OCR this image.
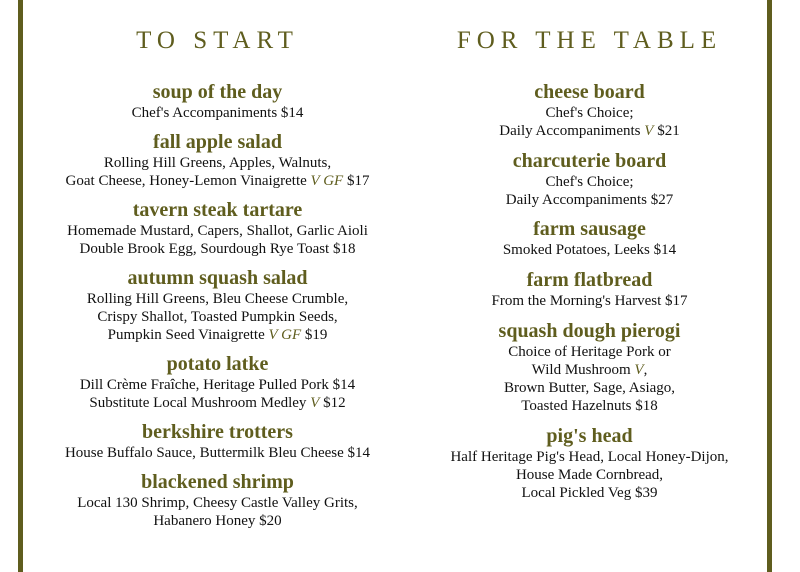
TO START
soup of the day
Chef's Accompaniments $14
fall apple salad
Rolling Hill Greens, Apples, Walnuts,
Goat Cheese, Honey-Lemon Vinaigrette V GF $17
tavern steak tartare
Homemade Mustard, Capers, Shallot, Garlic Aioli
Double Brook Egg, Sourdough Rye Toast $18
autumn squash salad
Rolling Hill Greens, Bleu Cheese Crumble,
Crispy Shallot, Toasted Pumpkin Seeds,
Pumpkin Seed Vinaigrette V GF $19
potato latke
Dill Crème Fraîche, Heritage Pulled Pork $14
Substitute Local Mushroom Medley V $12
berkshire trotters
House Buffalo Sauce, Buttermilk Bleu Cheese $14
blackened shrimp
Local 130 Shrimp, Cheesy Castle Valley Grits,
Habanero Honey $20
FOR THE TABLE
cheese board
Chef's Choice;
Daily Accompaniments V $21
charcuterie board
Chef's Choice;
Daily Accompaniments $27
farm sausage
Smoked Potatoes, Leeks $14
farm flatbread
From the Morning's Harvest $17
squash dough pierogi
Choice of Heritage Pork or
Wild Mushroom V,
Brown Butter, Sage, Asiago,
Toasted Hazelnuts $18
pig's head
Half Heritage Pig's Head, Local Honey-Dijon,
House Made Cornbread,
Local Pickled Veg $39
